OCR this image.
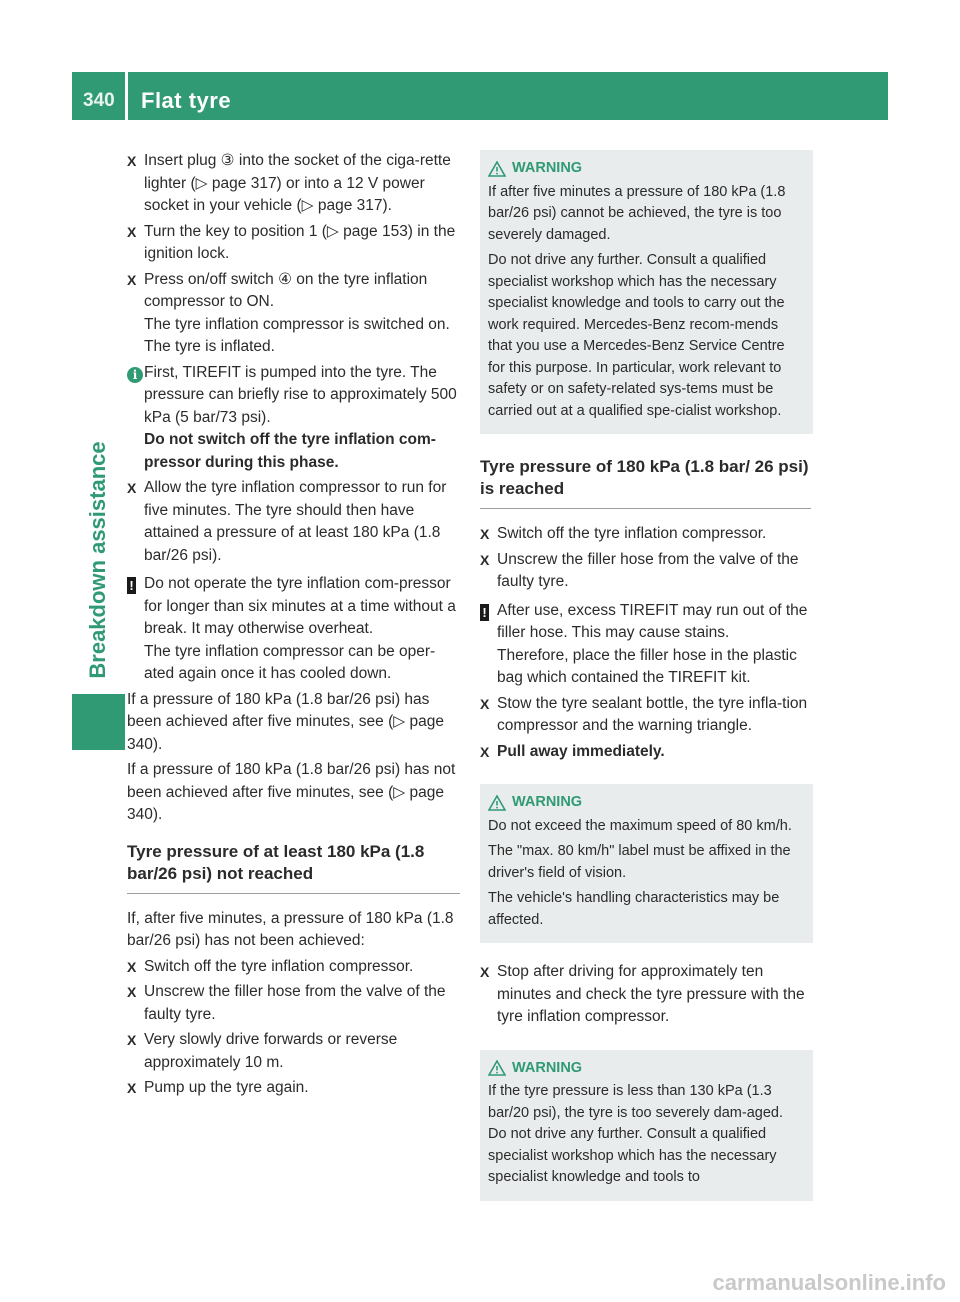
340	Flat tyre
Breakdown assistance
X Insert plug ③ into the socket of the ciga-rette lighter (▷ page 317) or into a 12 V power socket in your vehicle (▷ page 317).
X Turn the key to position 1 (▷ page 153) in the ignition lock.
X Press on/off switch ④ on the tyre inflation compressor to ON.
The tyre inflation compressor is switched on. The tyre is inflated.
i First, TIREFIT is pumped into the tyre. The pressure can briefly rise to approximately 500 kPa (5 bar/73 psi).
Do not switch off the tyre inflation com-pressor during this phase.
X Allow the tyre inflation compressor to run for five minutes. The tyre should then have attained a pressure of at least 180 kPa (1.8 bar/26 psi).
! Do not operate the tyre inflation com-pressor for longer than six minutes at a time without a break. It may otherwise overheat.
The tyre inflation compressor can be oper-ated again once it has cooled down.
If a pressure of 180 kPa (1.8 bar/26 psi) has been achieved after five minutes, see (▷ page 340).
If a pressure of 180 kPa (1.8 bar/26 psi) has not been achieved after five minutes, see (▷ page 340).
Tyre pressure of at least 180 kPa (1.8 bar/26 psi) not reached
If, after five minutes, a pressure of 180 kPa (1.8 bar/26 psi) has not been achieved:
X Switch off the tyre inflation compressor.
X Unscrew the filler hose from the valve of the faulty tyre.
X Very slowly drive forwards or reverse approximately 10 m.
X Pump up the tyre again.
WARNING

If after five minutes a pressure of 180 kPa (1.8 bar/26 psi) cannot be achieved, the tyre is too severely damaged.

Do not drive any further. Consult a qualified specialist workshop which has the necessary specialist knowledge and tools to carry out the work required. Mercedes-Benz recom-mends that you use a Mercedes-Benz Service Centre for this purpose. In particular, work relevant to safety or on safety-related sys-tems must be carried out at a qualified spe-cialist workshop.

Tyre pressure of 180 kPa (1.8 bar/ 26 psi) is reached
X Switch off the tyre inflation compressor.
X Unscrew the filler hose from the valve of the faulty tyre.
! After use, excess TIREFIT may run out of the filler hose. This may cause stains.
Therefore, place the filler hose in the plastic bag which contained the TIREFIT kit.
X Stow the tyre sealant bottle, the tyre infla-tion compressor and the warning triangle.
X Pull away immediately.
WARNING

Do not exceed the maximum speed of 80 km/h.

The "max. 80 km/h" label must be affixed in the driver's field of vision.

The vehicle's handling characteristics may be affected.

X Stop after driving for approximately ten minutes and check the tyre pressure with the tyre inflation compressor.
WARNING

If the tyre pressure is less than 130 kPa (1.3 bar/20 psi), the tyre is too severely dam-aged. Do not drive any further. Consult a qualified specialist workshop which has the necessary specialist knowledge and tools to

carmanualsonline.info
